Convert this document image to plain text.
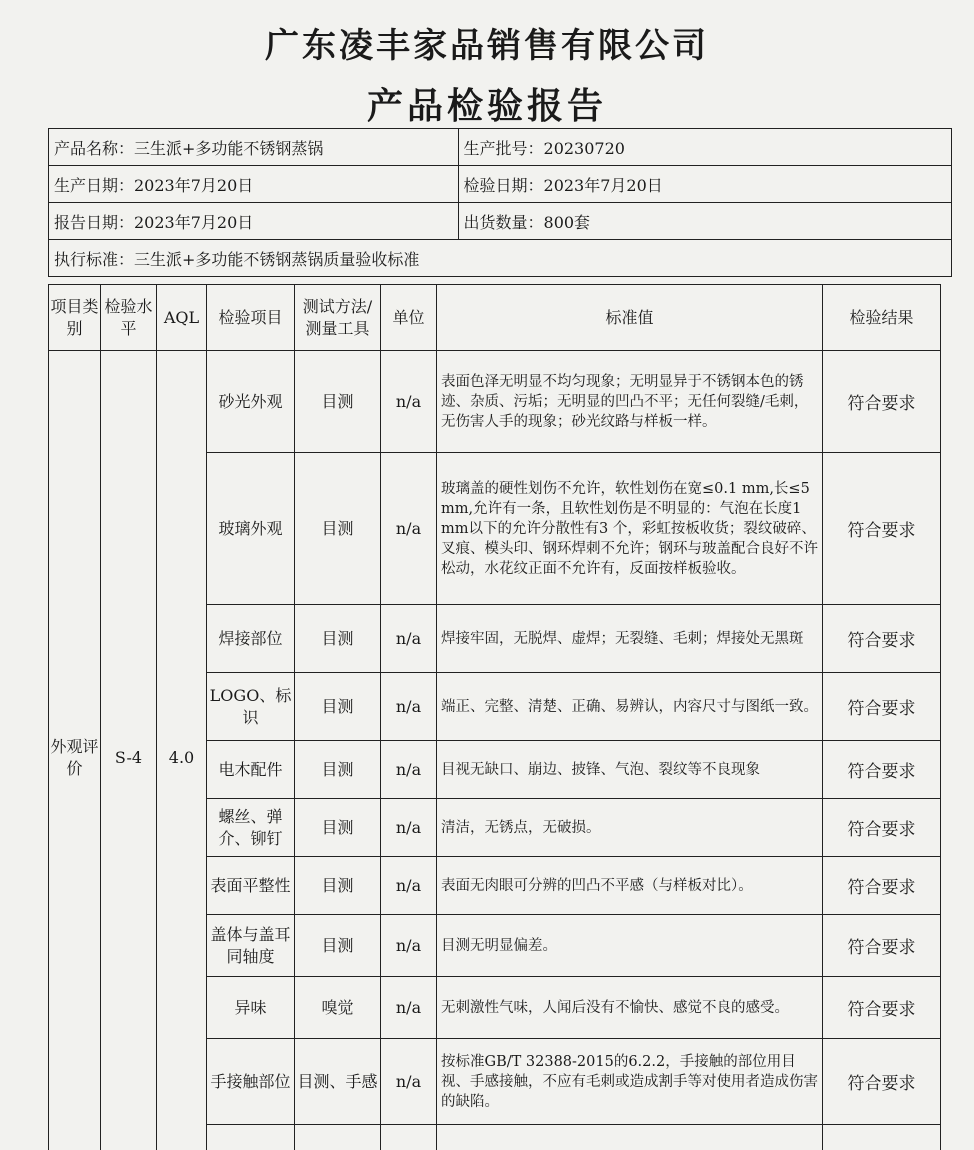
广东凌丰家品销售有限公司
产品检验报告
产品名称：三生派+多功能不锈钢蒸锅	生产批号：20230720
生产日期：2023年7月20日	检验日期：2023年7月20日
报告日期：2023年7月20日	出货数量：800套
执行标准：三生派+多功能不锈钢蒸锅质量验收标准	
项目类别	检验水平	AQL	检验项目	测试方法/测量工具	单位	标准值	检验结果
外观评价	S-4	4.0	砂光外观	目测	n/a	表面色泽无明显不均匀现象；无明显异于不锈钢本色的锈迹、杂质、污垢；无明显的凹凸不平；无任何裂缝/毛刺，无伤害人手的现象；砂光纹路与样板一样。	符合要求
			玻璃外观	目测	n/a	玻璃盖的硬性划伤不允许，软性划伤在宽≤0.1 mm,长≤5 mm,允许有一条，且软性划伤是不明显的：气泡在长度1 mm以下的允许分散性有3 个，彩虹按板收货；裂纹破碎、叉痕、模头印、钢环焊刺不允许；钢环与玻盖配合良好不许松动，水花纹正面不允许有，反面按样板验收。	符合要求
			焊接部位	目测	n/a	焊接牢固，无脱焊、虚焊；无裂缝、毛刺；焊接处无黑斑	符合要求
			LOGO、标识	目测	n/a	端正、完整、清楚、正确、易辨认，内容尺寸与图纸一致。	符合要求
			电木配件	目测	n/a	目视无缺口、崩边、披锋、气泡、裂纹等不良现象	符合要求
			螺丝、弹介、铆钉	目测	n/a	清洁，无锈点，无破损。	符合要求
			表面平整性	目测	n/a	表面无肉眼可分辨的凹凸不平感（与样板对比）。	符合要求
			盖体与盖耳同轴度	目测	n/a	目测无明显偏差。	符合要求
			异味	嗅觉	n/a	无刺激性气味，人闻后没有不愉快、感觉不良的感受。	符合要求
			手接触部位	目测、手感	n/a	按标准GB/T 32388-2015的6.2.2，手接触的部位用目视、手感接触，不应有毛刺或造成割手等对使用者造成伤害的缺陷。	符合要求
